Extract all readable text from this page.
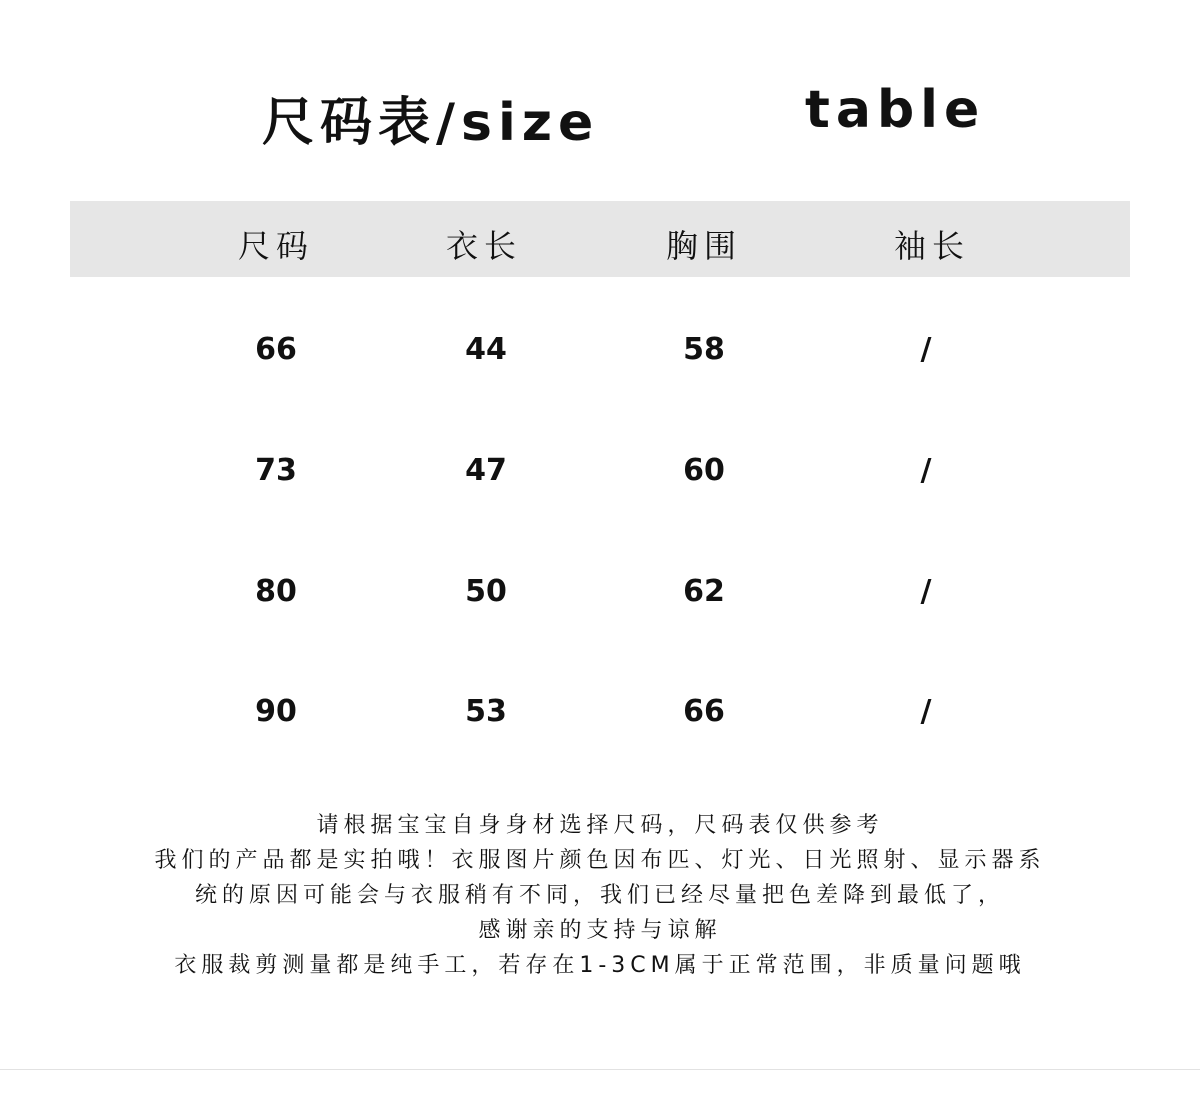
尺码表/size	table
尺码	衣长	胸围	袖长
66	44	58	/
73	47	60	/
80	50	62	/
90	53	66	/
请根据宝宝自身身材选择尺码，尺码表仅供参考
我们的产品都是实拍哦！衣服图片颜色因布匹、灯光、日光照射、显示器系
统的原因可能会与衣服稍有不同，我们已经尽量把色差降到最低了，
感谢亲的支持与谅解
衣服裁剪测量都是纯手工，若存在1-3CM属于正常范围，非质量问题哦
